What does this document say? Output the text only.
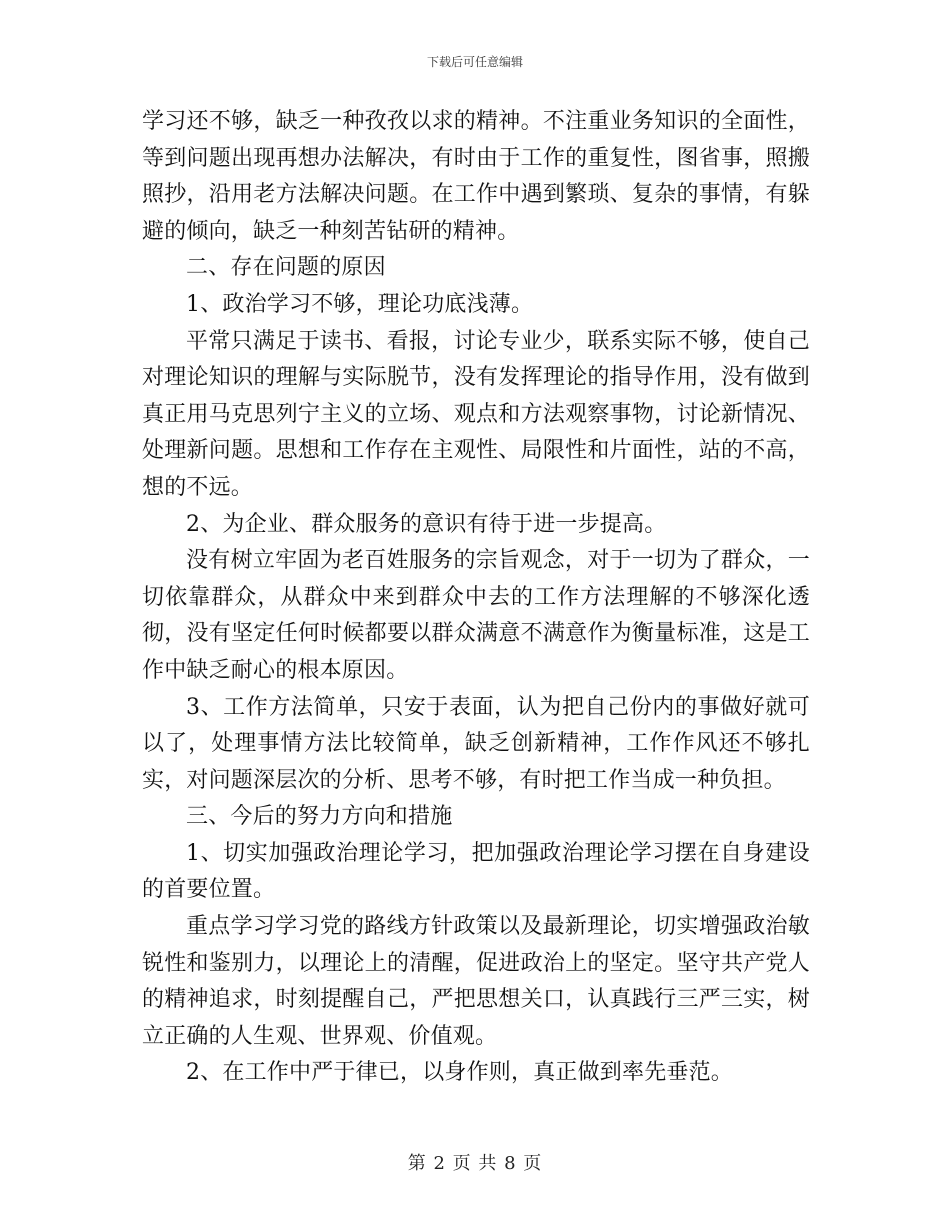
下载后可任意编辑

学习还不够，缺乏一种孜孜以求的精神。不注重业务知识的全面性，等到问题出现再想办法解决，有时由于工作的重复性，图省事，照搬照抄，沿用老方法解决问题。在工作中遇到繁琐、复杂的事情，有躲避的倾向，缺乏一种刻苦钻研的精神。

二、存在问题的原因

1、政治学习不够，理论功底浅薄。

平常只满足于读书、看报，讨论专业少，联系实际不够，使自己对理论知识的理解与实际脱节，没有发挥理论的指导作用，没有做到真正用马克思列宁主义的立场、观点和方法观察事物，讨论新情况、处理新问题。思想和工作存在主观性、局限性和片面性，站的不高，想的不远。

2、为企业、群众服务的意识有待于进一步提高。

没有树立牢固为老百姓服务的宗旨观念，对于一切为了群众，一切依靠群众，从群众中来到群众中去的工作方法理解的不够深化透彻，没有坚定任何时候都要以群众满意不满意作为衡量标准，这是工作中缺乏耐心的根本原因。

3、工作方法简单，只安于表面，认为把自己份内的事做好就可以了，处理事情方法比较简单，缺乏创新精神，工作作风还不够扎实，对问题深层次的分析、思考不够，有时把工作当成一种负担。

三、今后的努力方向和措施

1、切实加强政治理论学习，把加强政治理论学习摆在自身建设的首要位置。

重点学习学习党的路线方针政策以及最新理论，切实增强政治敏锐性和鉴别力，以理论上的清醒，促进政治上的坚定。坚守共产党人的精神追求，时刻提醒自己，严把思想关口，认真践行三严三实，树立正确的人生观、世界观、价值观。

2、在工作中严于律已，以身作则，真正做到率先垂范。

第 2 页 共 8 页
